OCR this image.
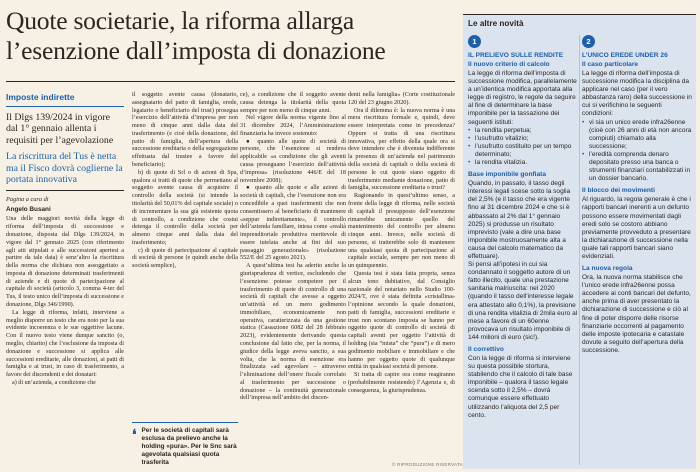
Quote societarie, la riforma allarga l’esenzione dall’imposta di donazione
Imposte indirette
Il Dlgs 139/2024 in vigore dal 1° gennaio allenta i requisiti per l’agevolazione
La riscrittura del Tus è netta ma il Fisco dovrà coglierne la portata innovativa
Pagina a cura di
Angelo Busani

Una delle maggiori novità della legge di riforma dell’imposta di successione e donazione, disposta dal Dlgs 139/2024, in vigore dal 1° gennaio 2025 (con riferimento agli atti stipulati e alle successioni apertesi a partire da tale data) è senz’altro la riscrittura della norma che dichiara non assoggettato a imposta di donazione determinati trasferimenti di aziende e di quote di partecipazione al capitale di società (articolo 3, comma 4-ter del Tus, il testo unico dell’imposta di successione e donazione, Dlgs 346/1990).

La legge di riforma, infatti, interviene a meglio disporre un testo che era noto per la sua evidente incoerenza e le sue oggettive lacune. Con il nuovo testo viene dunque sancito (o, meglio, chiarito) che l’esclusione da imposta di donazione e successione si applica alle successioni ereditarie, alle donazioni, ai patti di famiglia e ai trust, in caso di trasferimento, a favore dei discendenti e dei donatari:

a) di un’azienda, a condizione che

il soggetto avente causa (donatario, assegnatario del patto di famiglia, erede, legatario o beneficiario del trust) prosegua l’esercizio dell’attività d’impresa per non meno di cinque anni dalla data del trasferimento (e cioè della donazione, del patto di famiglia, dell’apertura della successione ereditaria o della segregazione effettuata dal trustee a favore del beneficiario);

b) di quote di Srl o di azioni di Spa, qualora si tratti di quote che permettano al soggetto avente causa di acquisire il controllo della società (si intende la titolarità del 50,01% del capitale sociale) o di incrementare la sua già esistente quota di controllo, a condizione che costui detenga il controllo della società per almeno cinque anni dalla data del trasferimento;

c) di quote di partecipazione al capitale di società di persone (e quindi anche della società semplice),

❛ Per le società di capitali sarà esclusa da prelievo anche la holding «pura». Per le Snc sarà agevolata qualsiasi quota trasferita

ce), a condizione che il soggetto avente causa detenga la titolarità della quota sempre per non meno di cinque anni.

Nel vigore della norma vigente fino al 31 dicembre 2024, l’Amministrazione finanziaria ha invece sostenuto:

● quanto alle quote di società di persone, che l’esenzione si rendeva applicabile «a condizione che gli aventi causa proseguano l’esercizio dell’attività d’impresa» (risoluzione 446/E del 18 novembre 2008);

● quanto alle quote e alle azioni di società di capitali, che l’esenzione non era concedibile a quei trasferimenti che non consentissero al beneficiario di mantenere «seppur indirettamente», il controllo dell’azienda familiare, intesa come «realtà imprenditoriale produttiva meritevole di essere tutelata anche ai fini del suo passaggio generazionale» (risoluzione 552/E del 25 agosto 2021).

A quest’ultima tesi ha aderito anche la giurisprudenza di vertice, escludendo che l’esenzione potesse competere per il trasferimento di quote di controllo di una società di capitali che avesse a oggetto un’attività ed un mero godimento immobiliare, economicamente non operativa, caratterizzata da una gestione statica (Cassazione 6082 del 28 febbraio 2023), evidentemente derivando questa conclusione dal fatto che, per la norma, il giudice della legge aveva sancito, a sua volta, che la norma di esenzione era finalizzata «ad agevolare – attraverso l’eliminazione dell’onere fiscale correlato al trasferimento per successione o donazione – la continuità generazionale dell’impresa nell’ambito dei discen-

denti nella famiglia» (Corte costituzionale 120 del 23 giugno 2020).

Ora il dilemma è: la nuova norma è una mera riscrittura formale e, quindi, deve essere interpretata come in precedenza? Oppure si tratta di una riscrittura innovativa, per effetto della quale ora si deve intendere che è divenuta indifferente la presenza di un’azienda nel patrimonio della società di capitali o della società di persone le cui quote siano oggetto di trasferimento mediante donazione, patto di famiglia, successione ereditaria o trust?

Ragionando in quest’ultimo senso, a fronte della legge di riforma, nelle società di capitali il presupposto dell’esenzione rimarrebbe unicamente quello del mantenimento del controllo per almeno cinque anni. Invece, nelle società di persone, si tratterebbe solo di mantenere una qualsiasi quota di partecipazione al capitale sociale, sempre per non meno di un quinquennio.

Questa tesi è stata fatta propria, senza alcun tono dubitativo, dal Consiglio nazionale del notariato nello Studio 100-2024/T, ove è stata definita «cristallina» l’opinione secondo la quale donazioni, patti di famiglia, successioni ereditarie e trust non scontano imposta se hanno per oggetto quote di controllo di società di capitali aventi per oggetto l’attività di holding (sia “mista” che “pura”) e di mero godimento mobiliare e immobiliare e che hanno per oggetto quote di qualunque entità in qualsiasi società di persone.

Si tratta di capire ora come reagiranno (probabilmente resistendo) l’Agenzia e, di conseguenza, la giurisprudenza.

© RIPRODUZIONE RISERVATA
Le altre novità
1
IL PRELIEVO SULLE RENDITE
Il nuovo criterio di calcolo
La legge di riforma dell’imposta di successione modifica, parallelamente a un’identica modifica apportata alla legge di registro, le regole da seguire al fine di determinare la base imponibile per la tassazione dei seguenti istituti:
• la rendita perpetua;
• l’usufrutto vitalizio;
• l’usufrutto costituito per un tempo determinato;
• la rendita vitalizia.
Base imponibile gonfiata
Quando, in passato, il tasso degli interessi legali scese sotto la soglia del 2,5% (e il tasso che era vigente fino al 31 dicembre 2024 e che si è abbassato al 2% dal 1° gennaio 2025) si produsse un risultato imprevisto (vale a dire una base imponibile mostruosamente alta a causa del calcolo matematico da effettuare).
Si pensi all’ipotesi in cui sia condannato il soggetto autore di un fatto illecito, quale una prestazione sanitaria malriuscita: nel 2020 (quando il tasso dell’interesse legale era attestato allo 0,1%), la previsione di una rendita vitalizia di 2mila euro al mese a favore di un 60enne provocava un risultato imponibile di 144 milioni di euro (sic!).
Il correttivo
Con la legge di riforma si interviene su questa possibile stortura, stabilendo che il calcolo di tale base imponibile – qualora il tasso legale scenda sotto il 2,5% – dovrà comunque essere effettuato utilizzando l’aliquota del 2,5 per cento.
2
L’UNICO EREDE UNDER 26
Il caso particolare
La legge di riforma dell’imposta di successione modifica la disciplina da applicare nel caso (per il vero abbastanza raro) della successione in cui si verifichino le seguenti condizioni:
• vi sia un unico erede infra26enne (cioè con 26 anni di età non ancora compiuti) chiamato alla successione;
• l’eredità comprenda denaro depositato presso una banca o strumenti finanziari contabilizzati in un dossier bancario.
Il blocco dei movimenti
Al riguardo, la regola generale è che i rapporti bancari inerenti a un defunto possono essere movimentati dagli eredi solo se costoro abbiano previamente provveduto a presentare la dichiarazione di successione nella quale tali rapporti bancari siano evidenziati.
La nuova regola
Ora, la nuova norma stabilisce che l’unico erede infra26enne possa accedere ai conti bancari del defunto, anche prima di aver presentato la dichiarazione di successione e ciò al fine di poter disporre delle risorse finanziarie occorrenti al pagamento delle imposte ipotecaria e catastale dovute a seguito dell’apertura della successione.
